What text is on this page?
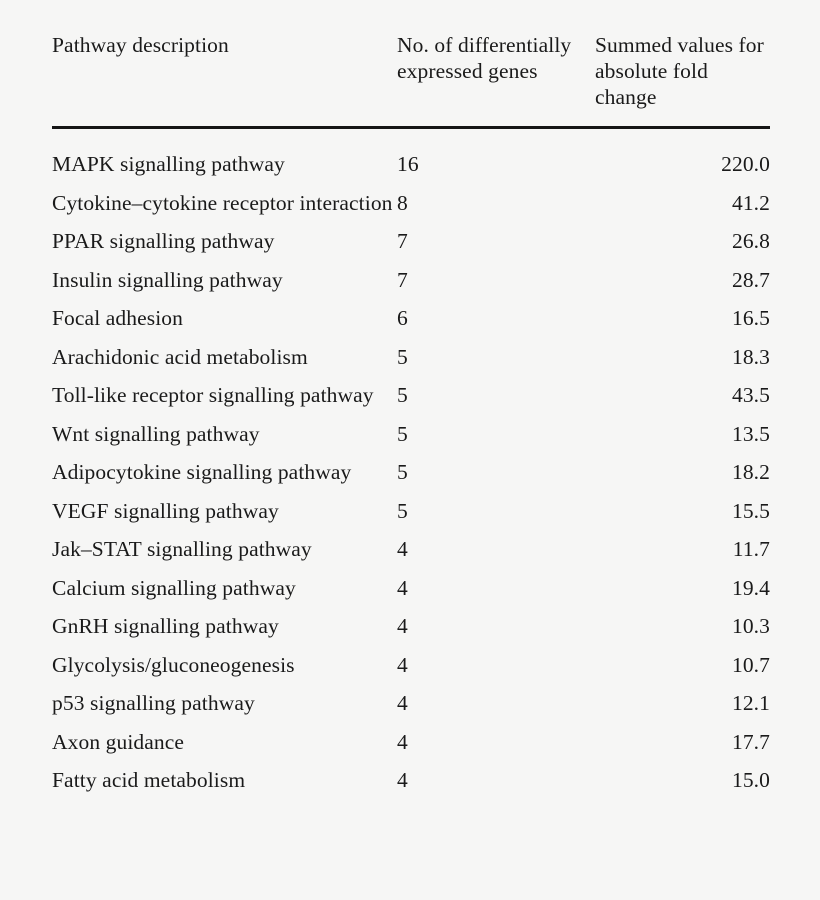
Pathway description	No. of differentially expressed genes	Summed values for absolute fold change

MAPK signalling pathway	16	220.0

Cytokine–cytokine receptor interaction	8	41.2

PPAR signalling pathway	7	26.8

Insulin signalling pathway	7	28.7

Focal adhesion	6	16.5

Arachidonic acid metabolism	5	18.3

Toll-like receptor signalling pathway	5	43.5

Wnt signalling pathway	5	13.5

Adipocytokine signalling pathway	5	18.2

VEGF signalling pathway	5	15.5

Jak–STAT signalling pathway	4	11.7

Calcium signalling pathway	4	19.4

GnRH signalling pathway	4	10.3

Glycolysis/gluconeogenesis	4	10.7

p53 signalling pathway	4	12.1

Axon guidance	4	17.7

Fatty acid metabolism	4	15.0
